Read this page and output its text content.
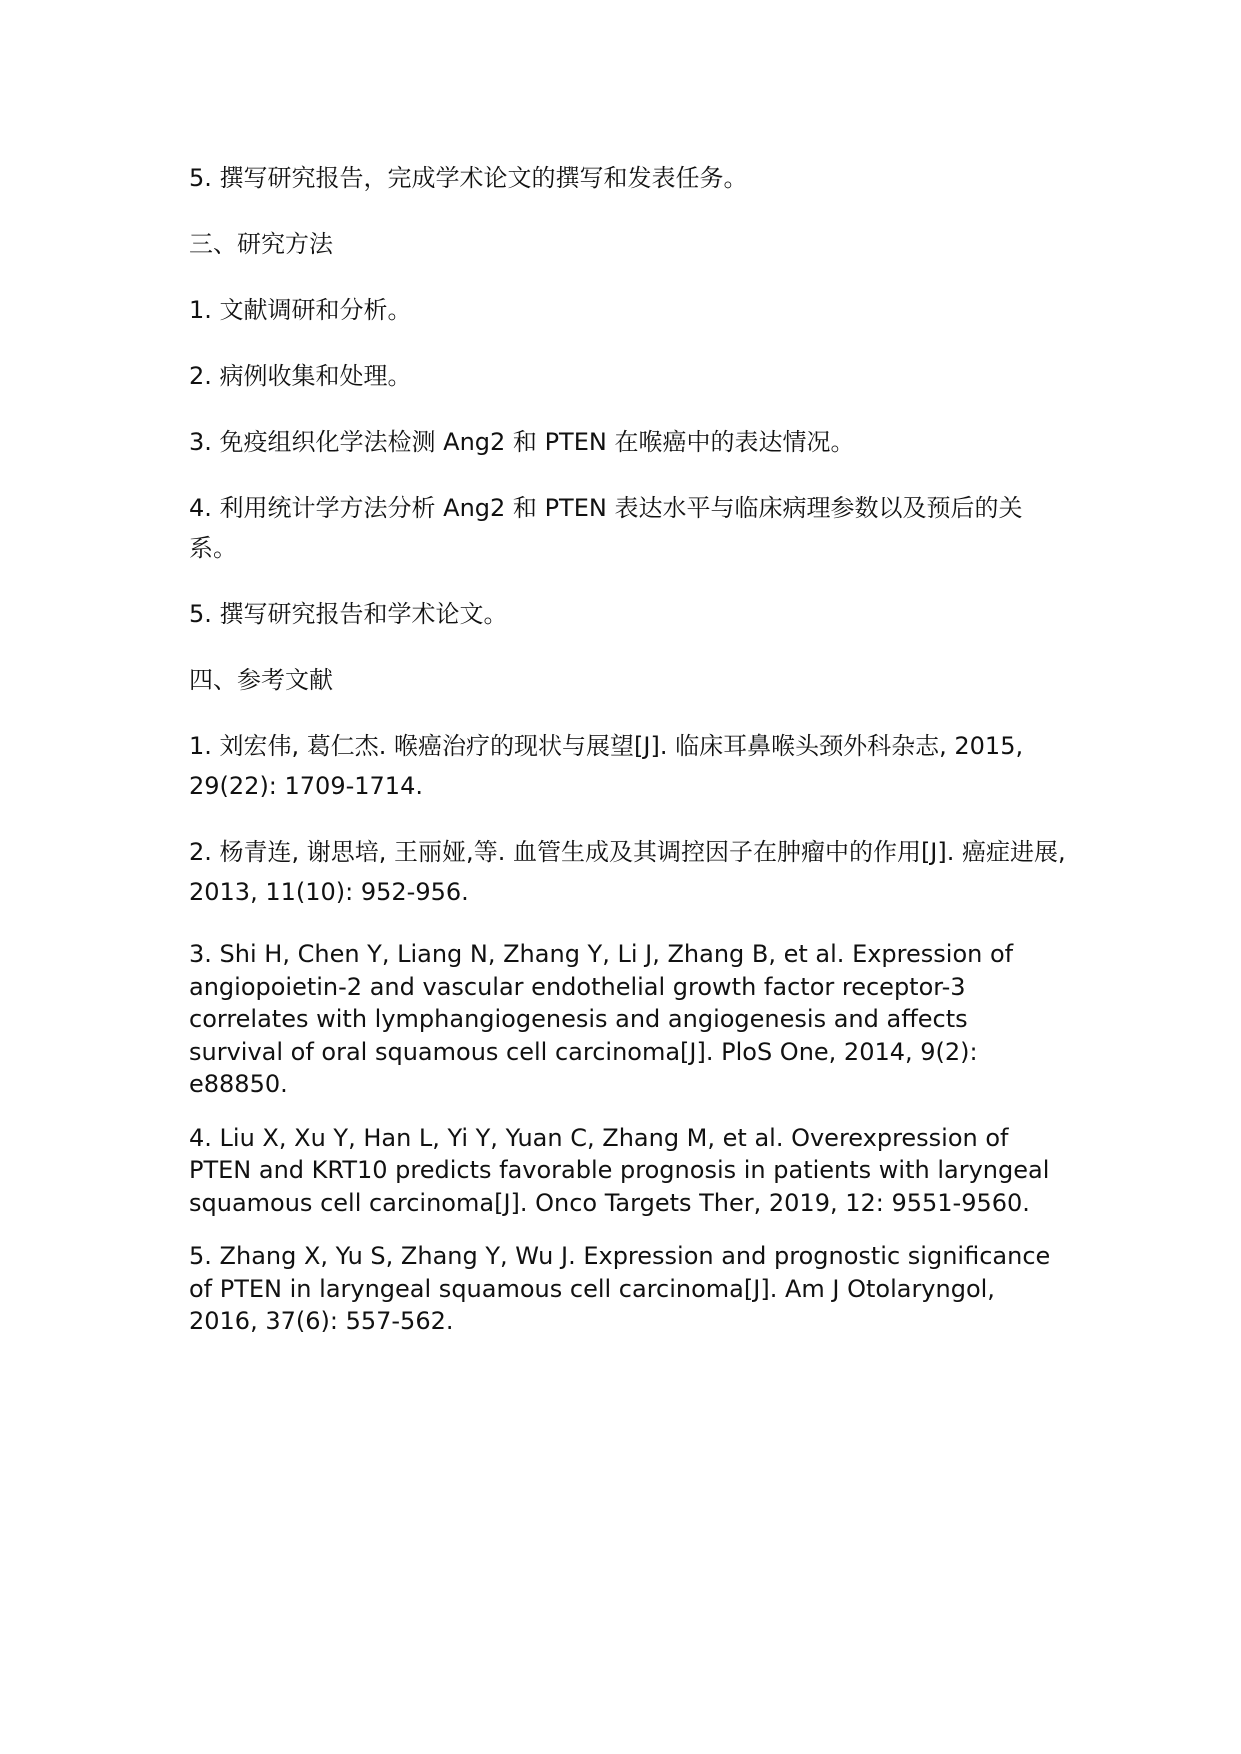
5. 撰写研究报告，完成学术论文的撰写和发表任务。

三、研究方法

1. 文献调研和分析。

2. 病例收集和处理。

3. 免疫组织化学法检测 Ang2 和 PTEN 在喉癌中的表达情况。

4. 利用统计学方法分析 Ang2 和 PTEN 表达水平与临床病理参数以及预后的关系。

5. 撰写研究报告和学术论文。

四、参考文献

1. 刘宏伟, 葛仁杰. 喉癌治疗的现状与展望[J]. 临床耳鼻喉头颈外科杂志, 2015, 29(22): 1709-1714.

2. 杨青连, 谢思培, 王丽娅,等. 血管生成及其调控因子在肿瘤中的作用[J]. 癌症进展, 2013, 11(10): 952-956.

3. Shi H, Chen Y, Liang N, Zhang Y, Li J, Zhang B, et al. Expression of angiopoietin-2 and vascular endothelial growth factor receptor-3 correlates with lymphangiogenesis and angiogenesis and affects survival of oral squamous cell carcinoma[J]. PloS One, 2014, 9(2): e88850.

4. Liu X, Xu Y, Han L, Yi Y, Yuan C, Zhang M, et al. Overexpression of PTEN and KRT10 predicts favorable prognosis in patients with laryngeal squamous cell carcinoma[J]. Onco Targets Ther, 2019, 12: 9551-9560.

5. Zhang X, Yu S, Zhang Y, Wu J. Expression and prognostic significance of PTEN in laryngeal squamous cell carcinoma[J]. Am J Otolaryngol, 2016, 37(6): 557-562.
